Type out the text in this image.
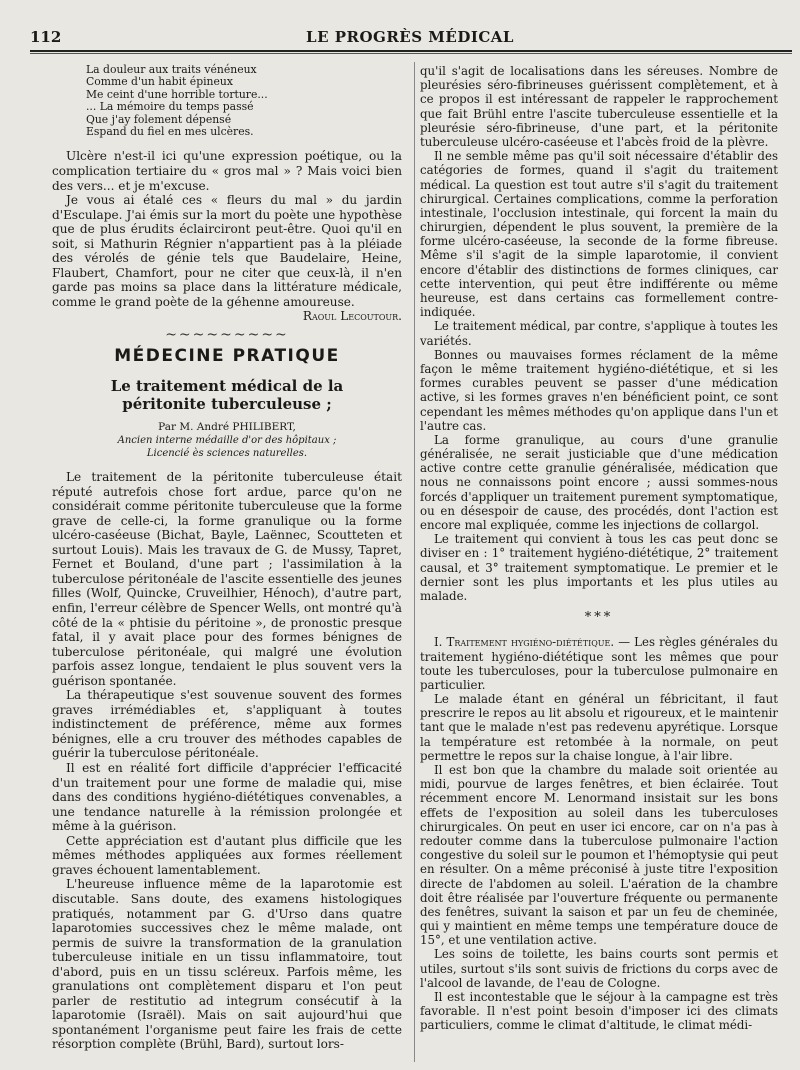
112	LE PROGRÈS MÉDICAL
La douleur aux traits vénéneux
Comme d'un habit épineux
Me ceint d'une horrible torture...
... La mémoire du temps passé
Que j'ay folement dépensé
Espand du fiel en mes ulcères.

Ulcère n'est-il ici qu'une expression poétique, ou la complication tertiaire du « gros mal » ? Mais voici bien des vers... et je m'excuse.

Je vous ai étalé ces « fleurs du mal » du jardin d'Esculape. J'ai émis sur la mort du poète une hypothèse que de plus érudits éclairciront peut-être. Quoi qu'il en soit, si Mathurin Régnier n'appartient pas à la pléiade des vérolés de génie tels que Baudelaire, Heine, Flaubert, Chamfort, pour ne citer que ceux-là, il n'en garde pas moins sa place dans la littérature médicale, comme le grand poète de la géhenne amoureuse.

Raoul Lecoutour.
~~~~~~~~~
MÉDECINE PRATIQUE
Le traitement médical de la péritonite tuberculeuse ;
Par M. André PHILIBERT,
Ancien interne médaille d'or des hôpitaux ;
Licencié ès sciences naturelles.

Le traitement de la péritonite tuberculeuse était réputé autrefois chose fort ardue, parce qu'on ne considérait comme péritonite tuberculeuse que la forme grave de celle-ci, la forme granulique ou la forme ulcéro-caséeuse (Bichat, Bayle, Laënnec, Scoutteten et surtout Louis). Mais les travaux de G. de Mussy, Tapret, Fernet et Bouland, d'une part ; l'assimilation à la tuberculose péritonéale de l'ascite essentielle des jeunes filles (Wolf, Quincke, Cruveilhier, Hénoch), d'autre part, enfin, l'erreur célèbre de Spencer Wells, ont montré qu'à côté de la « phtisie du péritoine », de pronostic presque fatal, il y avait place pour des formes bénignes de tuberculose péritonéale, qui malgré une évolution parfois assez longue, tendaient le plus souvent vers la guérison spontanée.

La thérapeutique s'est souvenue souvent des formes graves irrémédiables et, s'appliquant à toutes indistinctement de préférence, même aux formes bénignes, elle a cru trouver des méthodes capables de guérir la tuberculose péritonéale.

Il est en réalité fort difficile d'apprécier l'efficacité d'un traitement pour une forme de maladie qui, mise dans des conditions hygiéno-diététiques convenables, a une tendance naturelle à la rémission prolongée et même à la guérison.

Cette appréciation est d'autant plus difficile que les mêmes méthodes appliquées aux formes réellement graves échouent lamentablement.

L'heureuse influence même de la laparotomie est discutable. Sans doute, des examens histologiques pratiqués, notamment par G. d'Urso dans quatre laparotomies successives chez le même malade, ont permis de suivre la transformation de la granulation tuberculeuse initiale en un tissu inflammatoire, tout d'abord, puis en un tissu scléreux. Parfois même, les granulations ont complètement disparu et l'on peut parler de restitutio ad integrum consécutif à la laparotomie (Israël). Mais on sait aujourd'hui que spontanément l'organisme peut faire les frais de cette résorption complète (Brühl, Bard), surtout lors-

qu'il s'agit de localisations dans les séreuses. Nombre de pleurésies séro-fibrineuses guérissent complètement, et à ce propos il est intéressant de rappeler le rapprochement que fait Brühl entre l'ascite tuberculeuse essentielle et la pleurésie séro-fibrineuse, d'une part, et la péritonite tuberculeuse ulcéro-caséeuse et l'abcès froid de la plèvre.

Il ne semble même pas qu'il soit nécessaire d'établir des catégories de formes, quand il s'agit du traitement médical. La question est tout autre s'il s'agit du traitement chirurgical. Certaines complications, comme la perforation intestinale, l'occlusion intestinale, qui forcent la main du chirurgien, dépendent le plus souvent, la première de la forme ulcéro-caséeuse, la seconde de la forme fibreuse. Même s'il s'agit de la simple laparotomie, il convient encore d'établir des distinctions de formes cliniques, car cette intervention, qui peut être indifférente ou même heureuse, est dans certains cas formellement contre-indiquée.

Le traitement médical, par contre, s'applique à toutes les variétés.

Bonnes ou mauvaises formes réclament de la même façon le même traitement hygiéno-diététique, et si les formes curables peuvent se passer d'une médication active, si les formes graves n'en bénéficient point, ce sont cependant les mêmes méthodes qu'on applique dans l'un et l'autre cas.

La forme granulique, au cours d'une granulie généralisée, ne serait justiciable que d'une médication active contre cette granulie généralisée, médication que nous ne connaissons point encore ; aussi sommes-nous forcés d'appliquer un traitement purement symptomatique, ou en désespoir de cause, des procédés, dont l'action est encore mal expliquée, comme les injections de collargol.

Le traitement qui convient à tous les cas peut donc se diviser en : 1° traitement hygiéno-diététique, 2° traitement causal, et 3° traitement symptomatique. Le premier et le dernier sont les plus importants et les plus utiles au malade.

***

I. Traitement hygiéno-diététique. — Les règles générales du traitement hygiéno-diététique sont les mêmes que pour toute les tuberculoses, pour la tuberculose pulmonaire en particulier.

Le malade étant en général un fébricitant, il faut prescrire le repos au lit absolu et rigoureux, et le maintenir tant que le malade n'est pas redevenu apyrétique. Lorsque la température est retombée à la normale, on peut permettre le repos sur la chaise longue, à l'air libre.

Il est bon que la chambre du malade soit orientée au midi, pourvue de larges fenêtres, et bien éclairée. Tout récemment encore M. Lenormand insistait sur les bons effets de l'exposition au soleil dans les tuberculoses chirurgicales. On peut en user ici encore, car on n'a pas à redouter comme dans la tuberculose pulmonaire l'action congestive du soleil sur le poumon et l'hémoptysie qui peut en résulter. On a même préconisé à juste titre l'exposition directe de l'abdomen au soleil. L'aération de la chambre doit être réalisée par l'ouverture fréquente ou permanente des fenêtres, suivant la saison et par un feu de cheminée, qui y maintient en même temps une température douce de 15°, et une ventilation active.

Les soins de toilette, les bains courts sont permis et utiles, surtout s'ils sont suivis de frictions du corps avec de l'alcool de lavande, de l'eau de Cologne.

Il est incontestable que le séjour à la campagne est très favorable. Il n'est point besoin d'imposer ici des climats particuliers, comme le climat d'altitude, le climat médi-
